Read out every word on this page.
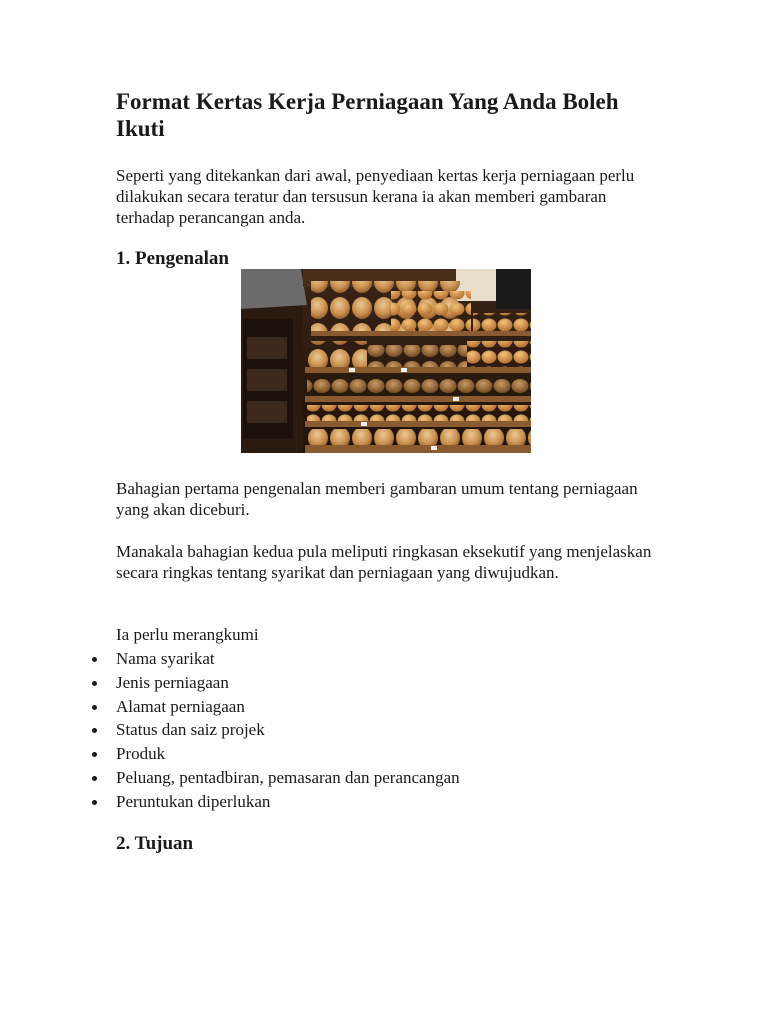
Format Kertas Kerja Perniagaan Yang Anda Boleh Ikuti

Seperti yang ditekankan dari awal, penyediaan kertas kerja perniagaan perlu dilakukan secara teratur dan tersusun kerana ia akan memberi gambaran terhadap perancangan anda.

1. Pengenalan

Bahagian pertama pengenalan memberi gambaran umum tentang perniagaan yang akan diceburi.

Manakala bahagian kedua pula meliputi ringkasan eksekutif yang menjelaskan secara ringkas tentang syarikat dan perniagaan yang diwujudkan.

Ia perlu merangkumi

Nama syarikat
Jenis perniagaan
Alamat perniagaan
Status dan saiz projek
Produk
Peluang, pentadbiran, pemasaran dan perancangan
Peruntukan diperlukan
2. Tujuan
